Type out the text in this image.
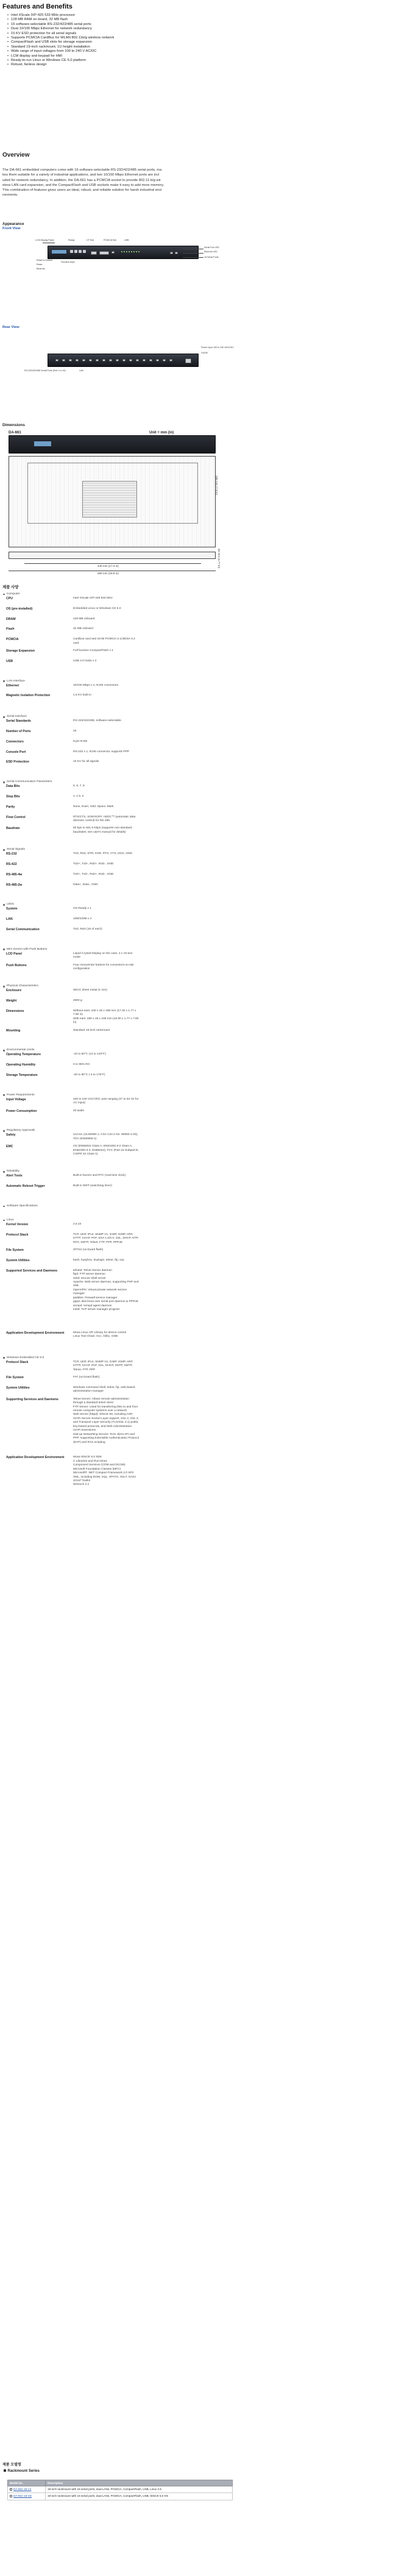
Features and Benefits
• Intel XScale IXP-425 533 MHz processor
• 128 MB RAM on-board, 32 MB flash
• 16 software-selectable RS-232/422/485 serial ports
• Dual 10/100 Mbps Ethernet for network redundancy
• 15 KV ESD protection for all serial signals
• Supports PCMCIA CardBus for WLAN 802.11b/g wireless network
• CompactFlash and USB slots for storage expansion
• Standard 19-inch rackmount, 1U height installation
• Wide range of input voltages from 100 to 240 V AC/DC
• LCM display and keypad for HMI
• Ready-to-run Linux or Windows CE 5.0 platform
• Robust, fanless design
Overview
The DA-661 embedded computers come with 16 software-selectable RS-232/422/485 serial ports, ma
kes them suitable for a variety of industrial applications, and two 10/100 Mbps Ethernet ports are incl
uded for network redundancy. In addition, the DA-661 has a PCMCIA socket to provide 802.11 b/g wir
eless LAN card expansion, and the CompactFlash and USB sockets make it easy to add more memory.
This combination of features gives users an ideal, robust, and reliable solution for harsh industrial envi
ronments.
Appearance
Front View
LCM Display Panel
Reset to Default
Reset
Ethernet
Function Keys
Ready	CF Slot	PCMCIA Slot	USB
Serial Port LED
Ethernet LED
16 Serial Ports
Rear View
Power Input 100 to 240 VAC/VDC
On/Off
RS-232/422/485 Serial Ports (Port 1 to 16)	LAN
Dimensions
DA-661	Unit = mm (in)
198 mm (7.8 in)
45 mm (1.77 in)
440 mm (17.3 in)
480 mm (18.9 in)
제품 사양
Computer
CPU	Intel XScale IXP-425 533 MHz
OS (pre-installed)	Embedded Linux or Windows CE 5.0
DRAM	128 MB onboard
Flash	32 MB onboard
PCMCIA	Cardbus card and 16-bit PCMCIA 2.1/JEIDA 4.2 card
Storage Expansion	Full function CompactFlash x 1
USB	USB 2.0 hosts x 2
LAN Interface
Ethernet	10/100 Mbps x 2, RJ45 connectors
Magnetic Isolation Protection	1.5 KV built-in
Serial Interface
Serial Standards	RS-232/422/485, software-selectable
Number of Ports	16
Connectors	8-pin RJ45
Console Port	RS-232 x 1, RJ45 connector, supports PPP
ESD Protection	15 KV for all signals
Serial Communication Parameters
Data Bits	5, 6, 7, 8
Stop Bits	1, 1.5, 2
Parity	None, Even, Odd, Space, Mark
Flow Control	RTS/CTS, XON/XOFF, ADDC™ (automatic data direction control) for RS-485
Baudrate	50 bps to 921.6 Kbps (supports non-standard baudrates; see user's manual for details)
Serial Signals
RS-232	TxD, RxD, DTR, DSR, RTS, CTS, DCD, GND
RS-422	TxD+, TxD-, RxD+, RxD-, GND
RS-485-4w	TxD+, TxD-, RxD+, RxD-, GND
RS-485-2w	Data+, Data-, GND
LEDs
System	OS Ready x 1
LAN	10M/100M x 2
Serial Communication	TxD, RxD (16 of each)
Mini Screen with Push Buttons
LCD Panel	Liquid Crystal Display on the case, 2 x 16 text mode
Push Buttons	Four menu/enter buttons for convenient on-site configuration
Physical Characteristics
Enclosure	SECC sheet metal (1 mm)
Weight	2600 g
Dimensions	Without ears: 440 x 45 x 198 mm (17.32 x 1.77 x 7.80 in)
With ears: 480 x 45 x 198 mm (18.90 x 1.77 x 7.80 in)
Mounting	Standard 19-inch rackmount
Environmental Limits
Operating Temperature	-10 to 60°C (14 to 140°F)
Operating Humidity	5 to 95% RH
Storage Temperature	-20 to 80°C (-4 to 176°F)
Power Requirements
Input Voltage	100 to 240 VAC/VDC auto ranging (47 to 63 Hz for AC input)
Power Consumption	20 watts
Regulatory Approvals
Safety	UL/cUL (UL60950-1, CSA C22.2 No. 60950-1-03), TÜV (EN60950-1)
EMC	CE (EN55022 Class A, EN61000-3-2 Class A, EN61000-3-3, EN55024), FCC (Part 15 Subpart B, CISPR 22 Class A)
Reliability
Alert Tools	Built-in buzzer and RTC (real-time clock)
Automatic Reboot Trigger	Built-in WDT (watchdog timer)
Software Specifications
Linux
Kernel Version	2.6.10
Protocol Stack	TCP, UDP, IPv4, SNMP V1, ICMP, IGMP, ARP, HTTP, CHAP, PAP, SSH 1.0/2.0, SSL, DHCP, NTP, NFS, SMTP, Telnet, FTP, PPP, PPPoE
File System	JFFS2 (on-board flash)
System Utilities	bash, busybox, tinylogin, telnet, ftp, scp
Supported Services and Daemons	telnetd: Telnet Server daemon
ftpd: FTP server daemon
sshd: Secure shell server
Apache: Web server daemon, supporting PHP and XML
OpenVPN: Virtual private network service manager
iptables: Firewall service manager
pppd: dial in/out over serial port daemon & PPPoE
snmpd: snmpd agent daemon
inetd: TCP server manager program
Application Development Environment	Moxa Linux API Library for device control
Linux Tool Chain: Gcc, Glibc, GDB
Windows Embedded CE 5.0
Protocol Stack	TCP, UDP, IPv4, SNMP V2, ICMP, IGMP, ARP, HTTP, CHAP, PAP, SSL, DHCP, SNTP, SMTP, Telnet, FTP, PPP
File System	FAT (on-board flash)
System Utilities	Windows command shell, telnet, ftp, web-based administration manager
Supporting Services and Daemons	Telnet Server: Allows remote administration through a standard telnet client
FTP Server: Used for transferring files to and from remote computer systems over a network
Web Server (httpd): WinCE 6S, including ASP, ISAPI Secure Socket Layer support, SSL 2, SSL 3, and Transport Layer Security (TLS/SSL 3.1) public key-based protocols, and Web Administration ISAPI Extensions
Dial-up Networking Service: RAS client API and PPP, supporting Extensible Authentication Protocol (EAP) and RAS scripting.
Application Development Environment	Moxa WinCE 5.0 SDK
C Libraries and Run-times
Component Services (COM and DCOM)
Microsoft Foundation Classes (MFC)
Microsoft® .NET Compact Framework 2.0 SP2
XML, including DOM, XQL, XPATH, XSLT, SAX2
SOAP Toolkit
Winsock 2.2
제품 모델명
Rackmount Series
Model No.	Description
DA-661-16-LX	19-inch rackmount with 16 serial ports, dual LANs, PCMCIA, CompactFlash, USB, Linux 2.6
DA-661-16-CE	19-inch rackmount with 16 serial ports, dual LANs, PCMCIA, CompactFlash, USB, WinCE 5.0 OS
